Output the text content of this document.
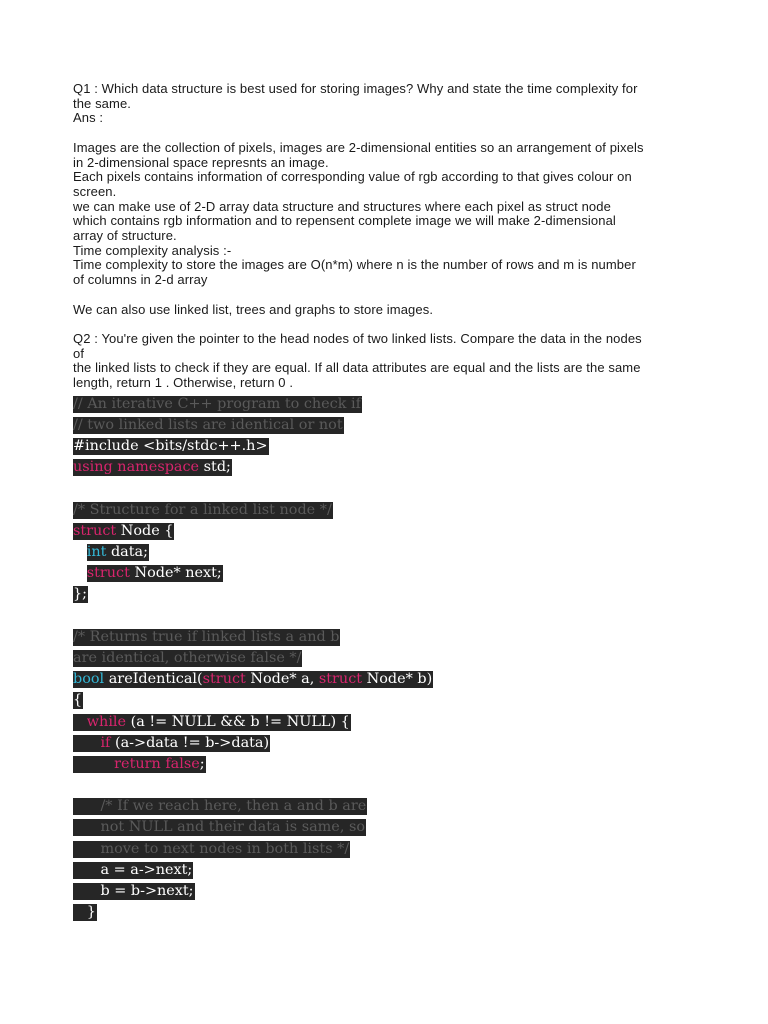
Q1 : Which data structure is best used for storing images? Why and state the time complexity for

the same.

Ans :

Images are the collection of pixels, images are 2-dimensional entities so an arrangement of pixels

in 2-dimensional space represnts an image.

Each pixels contains information of corresponding value of rgb according to that gives colour on

screen.

we can make use of 2-D array data structure and structures where each pixel as struct node

which contains rgb information and to repensent complete image we will make 2-dimensional

array of structure.

Time complexity analysis :-

Time complexity to store the images are O(n*m) where n is the number of rows and m is number

of columns in 2-d array

We can also use linked list, trees and graphs to store images.

Q2 : You're given the pointer to the head nodes of two linked lists. Compare the data in the nodes

of

the linked lists to check if they are equal. If all data attributes are equal and the lists are the same

length, return 1 . Otherwise, return 0 .

// An iterative C++ program to check if
// two linked lists are identical or not
#include <bits/stdc++.h>
using namespace std;
/* Structure for a linked list node */
struct Node {
int data;
struct Node* next;
};
/* Returns true if linked lists a and b
are identical, otherwise false */
bool areIdentical(struct Node* a, struct Node* b)
{
while (a != NULL && b != NULL) {
if (a->data != b->data)
return false;
/* If we reach here, then a and b are
not NULL and their data is same, so
move to next nodes in both lists */
a = a->next;
b = b->next;
}
